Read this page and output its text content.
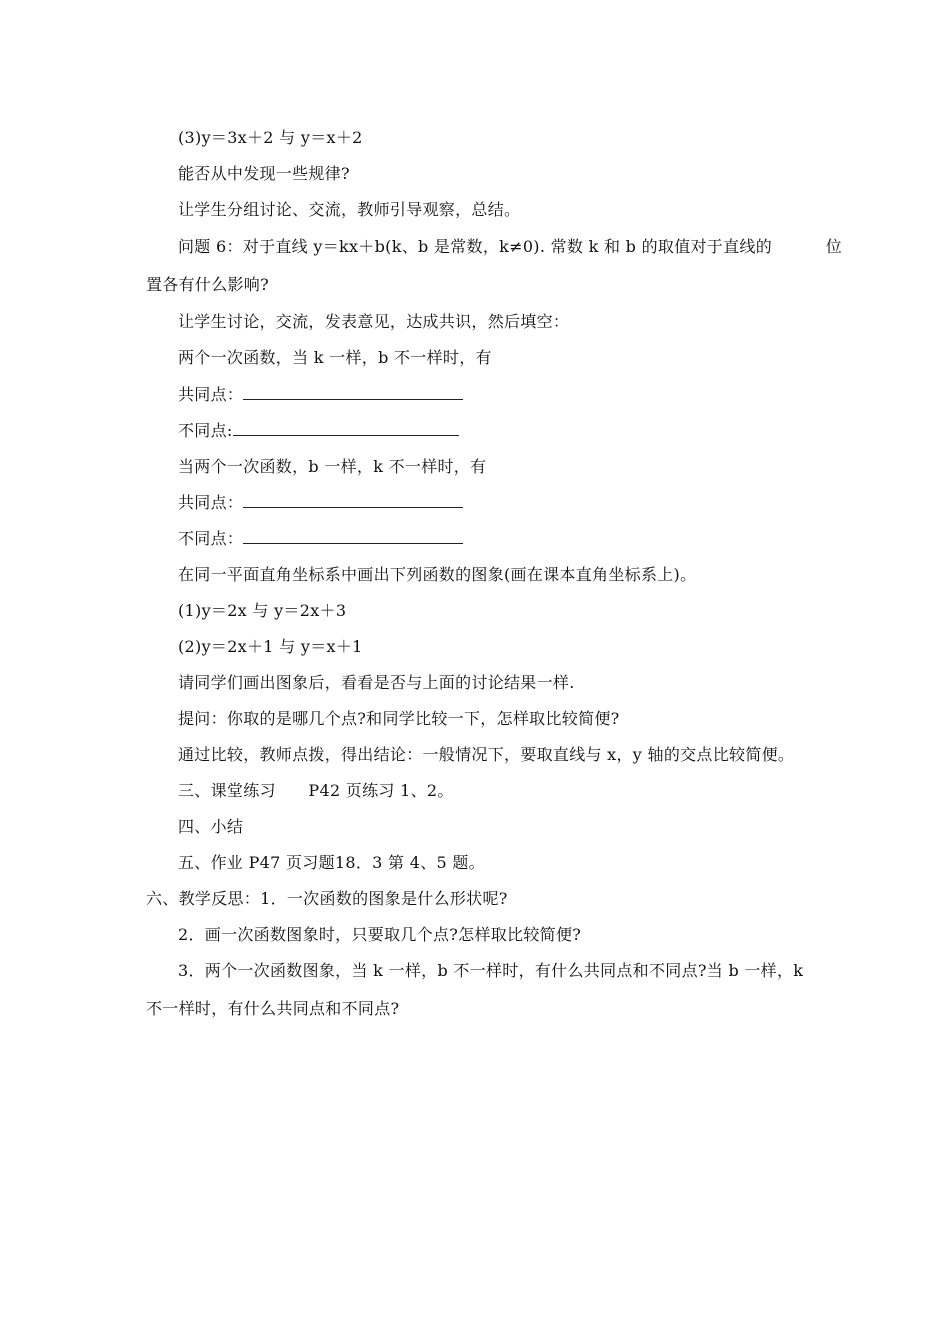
(3)y＝3x＋2 与 y＝x＋2
能否从中发现一些规律?
让学生分组讨论、交流，教师引导观察，总结。
问题 6：对于直线 y＝kx＋b(k、b 是常数，k≠0). 常数 k 和 b 的取值对于直线的	位
置各有什么影响?
让学生讨论，交流，发表意见，达成共识，然后填空：
两个一次函数，当 k 一样，b 不一样时，有
共同点：
不同点:
当两个一次函数，b 一样，k 不一样时，有
共同点：
不同点：
在同一平面直角坐标系中画出下列函数的图象(画在课本直角坐标系上)。
(1)y＝2x 与 y＝2x＋3
(2)y＝2x＋1 与 y＝x＋1
请同学们画出图象后，看看是否与上面的讨论结果一样.
提问：你取的是哪几个点?和同学比较一下，怎样取比较简便?
通过比较，教师点拨，得出结论：一般情况下，要取直线与 x，y 轴的交点比较简便。
三、课堂练习　　P42 页练习 1、2。
四、小结
五、作业 P47 页习题18．3 第 4、5 题。
六、教学反思：1．一次函数的图象是什么形状呢?
2．画一次函数图象时，只要取几个点?怎样取比较简便?
3．两个一次函数图象，当 k 一样，b 不一样时，有什么共同点和不同点?当 b 一样，k
不一样时，有什么共同点和不同点?
